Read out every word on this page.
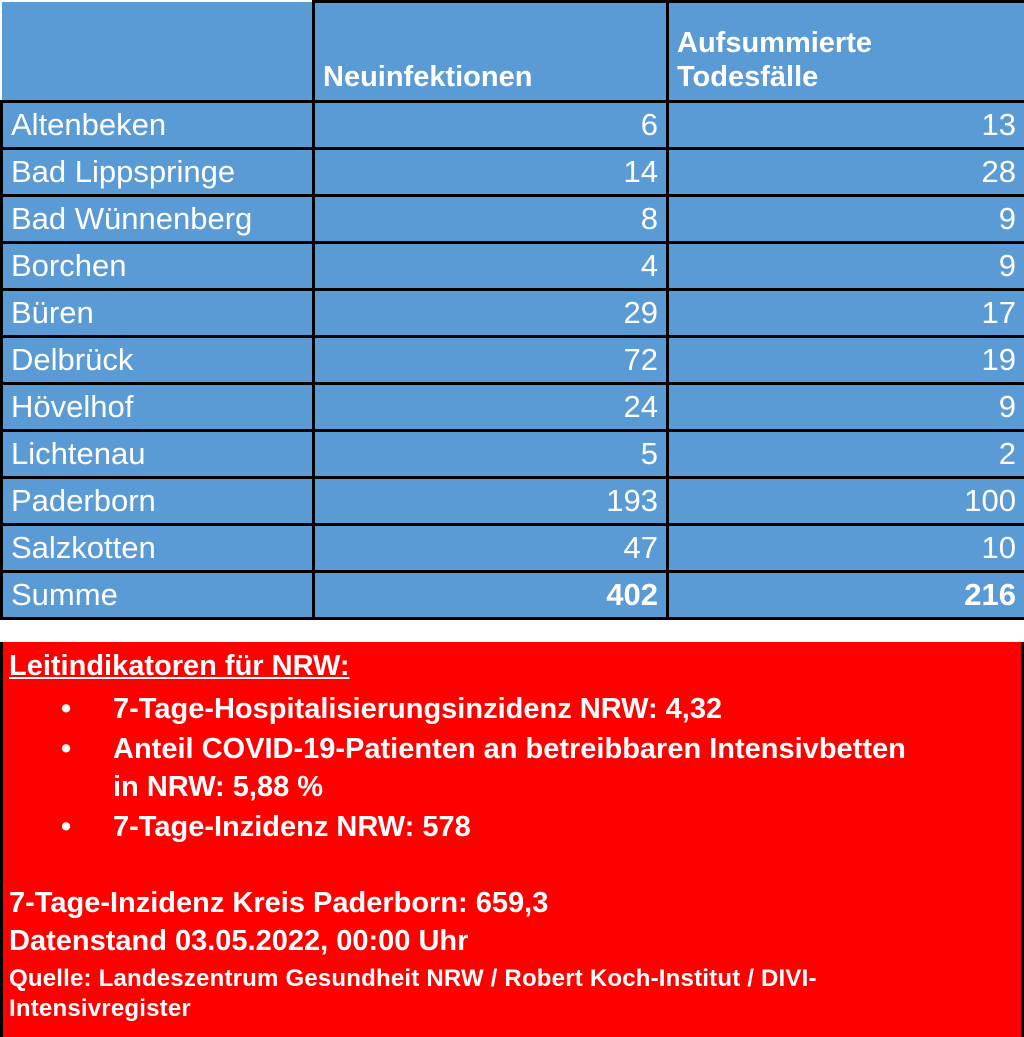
	Neuinfektionen	Aufsummierte
Todesfälle
Altenbeken	6	13
Bad Lippspringe	14	28
Bad Wünnenberg	8	9
Borchen	4	9
Büren	29	17
Delbrück	72	19
Hövelhof	24	9
Lichtenau	5	2
Paderborn	193	100
Salzkotten	47	10
Summe	402	216
Leitindikatoren für NRW:
• 7-Tage-Hospitalisierungsinzidenz NRW: 4,32
• Anteil COVID-19-Patienten an betreibbaren Intensivbetten
in NRW: 5,88 %
• 7-Tage-Inzidenz NRW: 578
7-Tage-Inzidenz Kreis Paderborn: 659,3
Datenstand 03.05.2022, 00:00 Uhr
Quelle: Landeszentrum Gesundheit NRW / Robert Koch-Institut / DIVI-
Intensivregister
